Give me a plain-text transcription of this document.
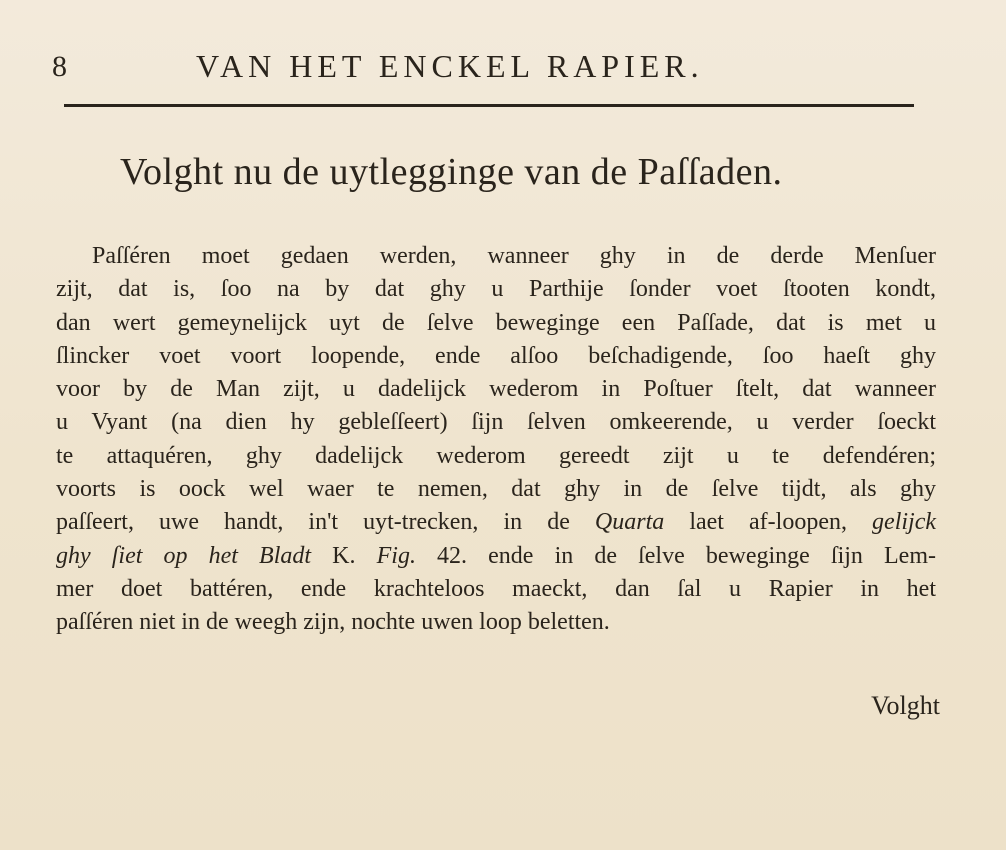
8	VAN HET ENCKEL RAPIER.
Volght nu de uytlegginge van de Paſſaden.
Paſſéren moet gedaen werden, wanneer ghy in de derde Menſuer
zijt, dat is, ſoo na by dat ghy u Parthije ſonder voet ſtooten kondt,
dan wert gemeynelijck uyt de ſelve beweginge een Paſſade, dat is met u
ſlincker voet voort loopende, ende alſoo beſchadigende, ſoo haeſt ghy
voor by de Man zijt, u dadelijck wederom in Poſtuer ſtelt, dat wanneer
u Vyant (na dien hy gebleſſeert) ſijn ſelven omkeerende, u verder ſoeckt
te attaquéren, ghy dadelijck wederom gereedt zijt u te defendéren;
voorts is oock wel waer te nemen, dat ghy in de ſelve tijdt, als ghy
paſſeert, uwe handt, in't uyt-trecken, in de Quarta laet af-loopen, gelijck
ghy ſiet op het Bladt K. Fig. 42. ende in de ſelve beweginge ſijn Lem-
mer doet battéren, ende krachteloos maeckt, dan ſal u Rapier in het
paſſéren niet in de weegh zijn, nochte uwen loop beletten.
Volght
